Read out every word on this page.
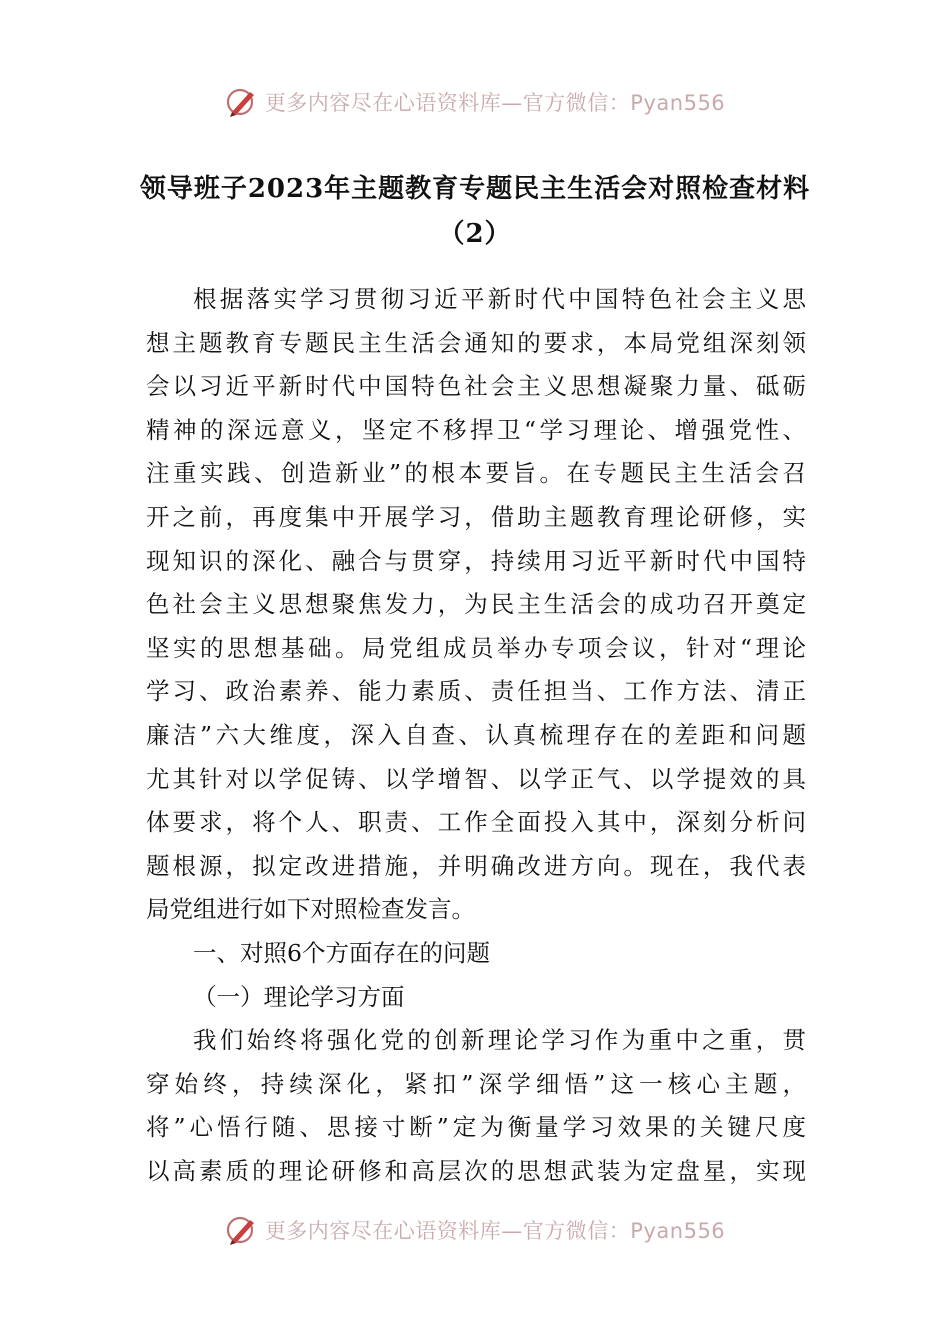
更多内容尽在心语资料库—官方微信：Pyan556
领导班子2023年主题教育专题民主生活会对照检查材料
（2）
根据落实学习贯彻习近平新时代中国特色社会主义思
想主题教育专题民主生活会通知的要求，本局党组深刻领
会以习近平新时代中国特色社会主义思想凝聚力量、砥砺
精神的深远意义，坚定不移捍卫“学习理论、增强党性、
注重实践、创造新业”的根本要旨。在专题民主生活会召
开之前，再度集中开展学习，借助主题教育理论研修，实
现知识的深化、融合与贯穿，持续用习近平新时代中国特
色社会主义思想聚焦发力，为民主生活会的成功召开奠定
坚实的思想基础。局党组成员举办专项会议，针对“理论
学习、政治素养、能力素质、责任担当、工作方法、清正
廉洁”六大维度，深入自查、认真梳理存在的差距和问题
尤其针对以学促铸、以学增智、以学正气、以学提效的具
体要求，将个人、职责、工作全面投入其中，深刻分析问
题根源，拟定改进措施，并明确改进方向。现在，我代表
局党组进行如下对照检查发言。
一、对照6个方面存在的问题
（一）理论学习方面
我们始终将强化党的创新理论学习作为重中之重，贯
穿始终，持续深化，紧扣”深学细悟”这一核心主题，
将”心悟行随、思接寸断”定为衡量学习效果的关键尺度
以高素质的理论研修和高层次的思想武装为定盘星，实现
更多内容尽在心语资料库—官方微信：Pyan556
